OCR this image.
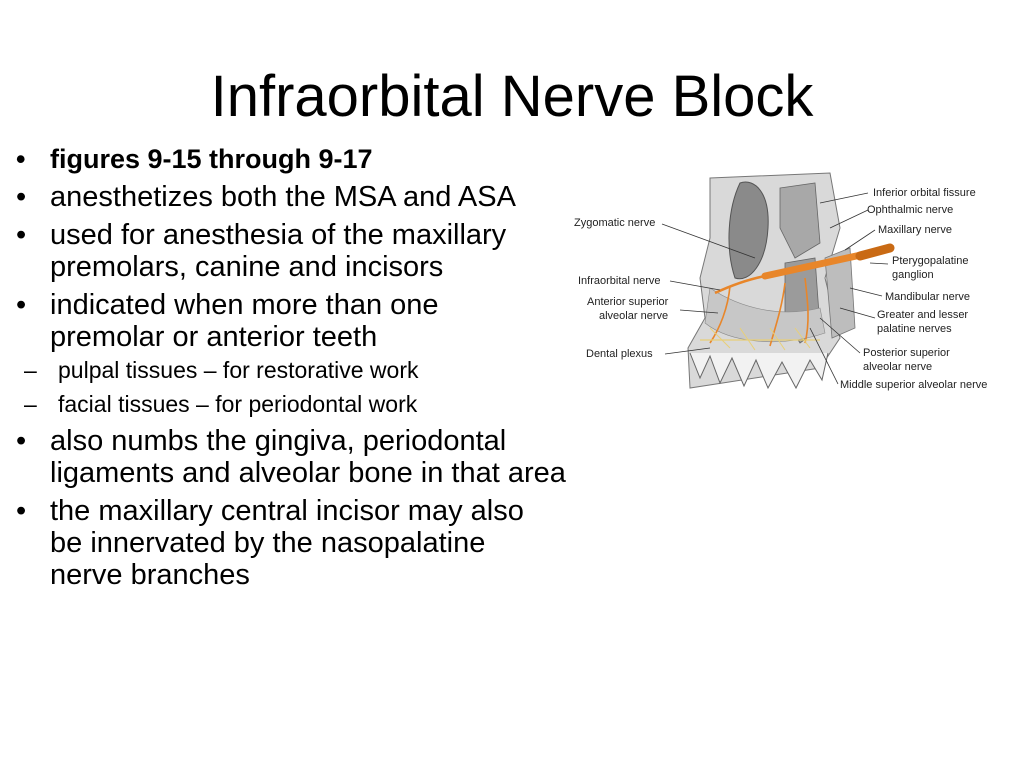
Infraorbital Nerve Block
• figures 9-15 through 9-17
• anesthetizes both the MSA and ASA
• used for anesthesia of the maxillary premolars, canine and incisors
• indicated when more than one premolar or anterior teeth
– pulpal tissues – for restorative work
– facial tissues – for periodontal work
• also numbs the gingiva, periodontal ligaments and alveolar bone in that area
• the maxillary central incisor may also be innervated by the nasopalatine nerve branches
Zygomatic nerve
Infraorbital nerve
Anterior superior
alveolar nerve
Dental plexus
Inferior orbital fissure
Ophthalmic nerve
Maxillary nerve
Pterygopalatine
ganglion
Mandibular nerve
Greater and lesser
palatine nerves
Posterior superior
alveolar nerve
Middle superior alveolar nerve
